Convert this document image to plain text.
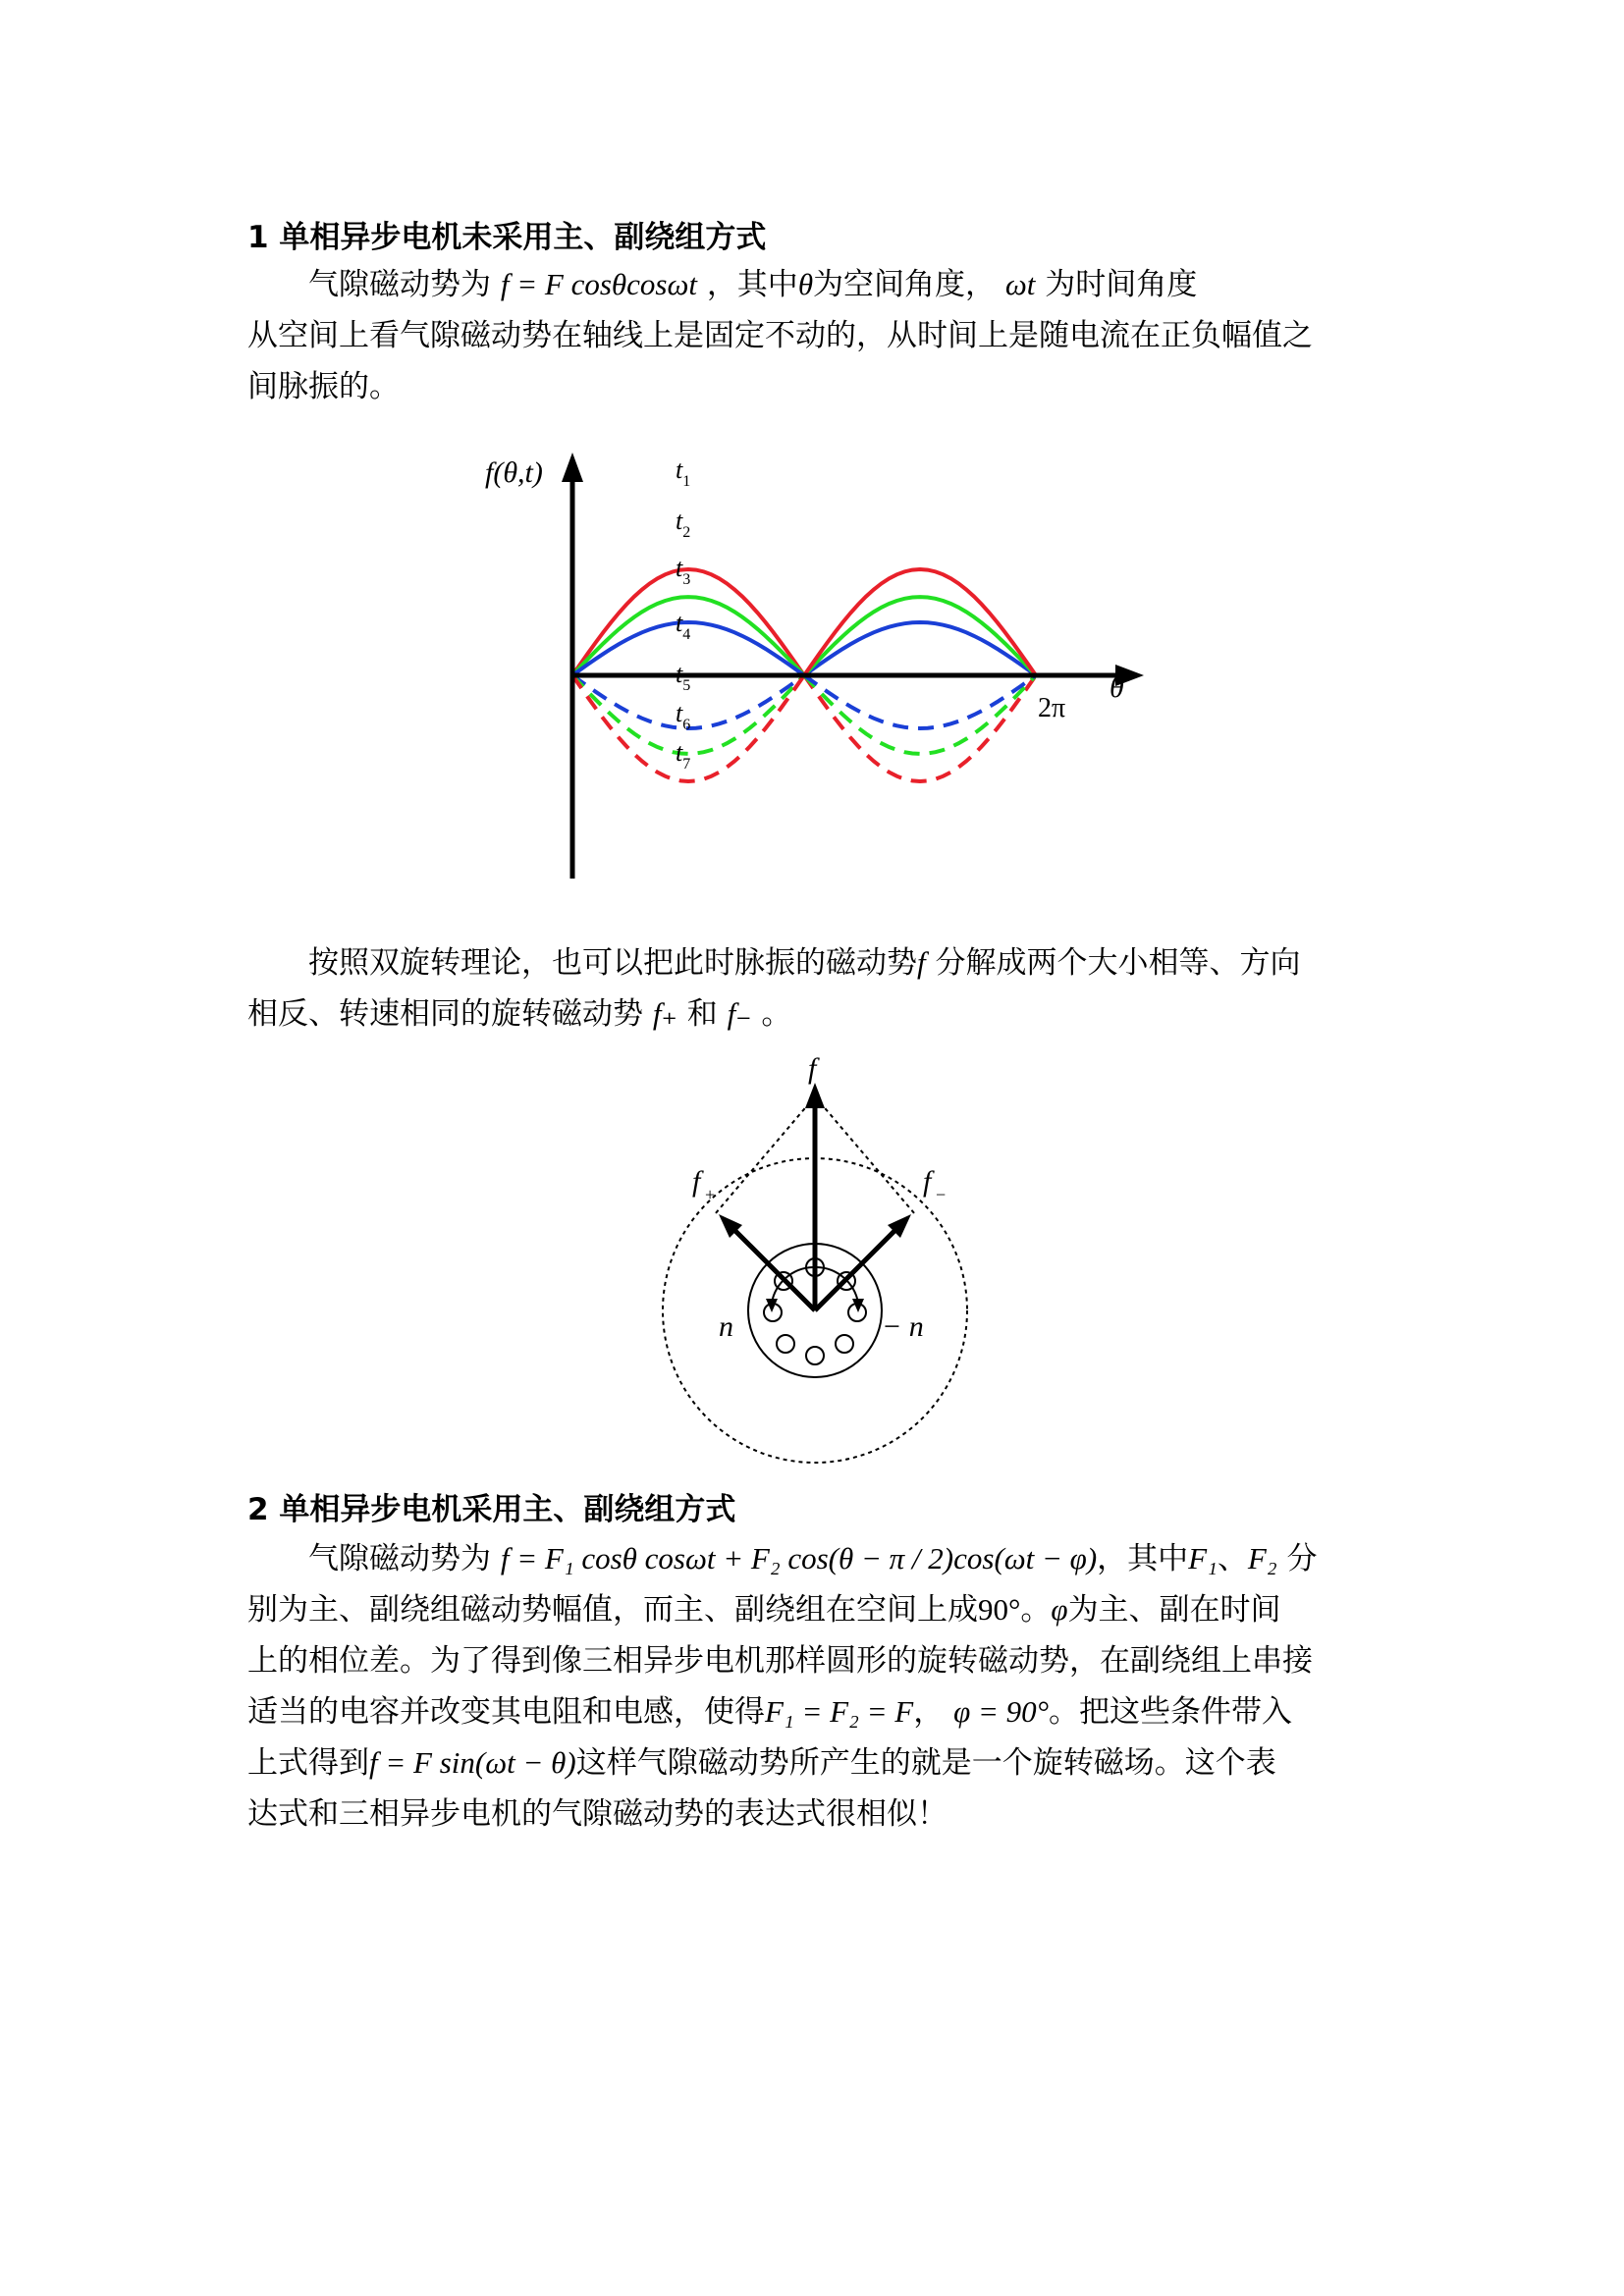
1 单相异步电机未采用主、副绕组方式
气隙磁动势为 f = F cosθcosωt ，其中θ为空间角度， ωt 为时间角度
从空间上看气隙磁动势在轴线上是固定不动的，从时间上是随电流在正负幅值之
间脉振的。
f(θ,t)
θ
2π
$t_1$
$t_2$
$t_3$
$t_4$
$t_5$
$t_6$
$t_7$
按照双旋转理论，也可以把此时脉振的磁动势f 分解成两个大小相等、方向
相反、转速相同的旋转磁动势 f₊ 和 f₋ 。
f
f +	f −
n	− n
2 单相异步电机采用主、副绕组方式
气隙磁动势为 f = F₁ cosθ cosωt + F₂ cos(θ − π / 2)cos(ωt − φ)，其中F₁、F₂ 分
别为主、副绕组磁动势幅值，而主、副绕组在空间上成90°。φ为主、副在时间
上的相位差。为了得到像三相异步电机那样圆形的旋转磁动势，在副绕组上串接
适当的电容并改变其电阻和电感，使得F₁ = F₂ = F， φ = 90°。把这些条件带入
上式得到f = F sin(ωt − θ)这样气隙磁动势所产生的就是一个旋转磁场。这个表
达式和三相异步电机的气隙磁动势的表达式很相似！
